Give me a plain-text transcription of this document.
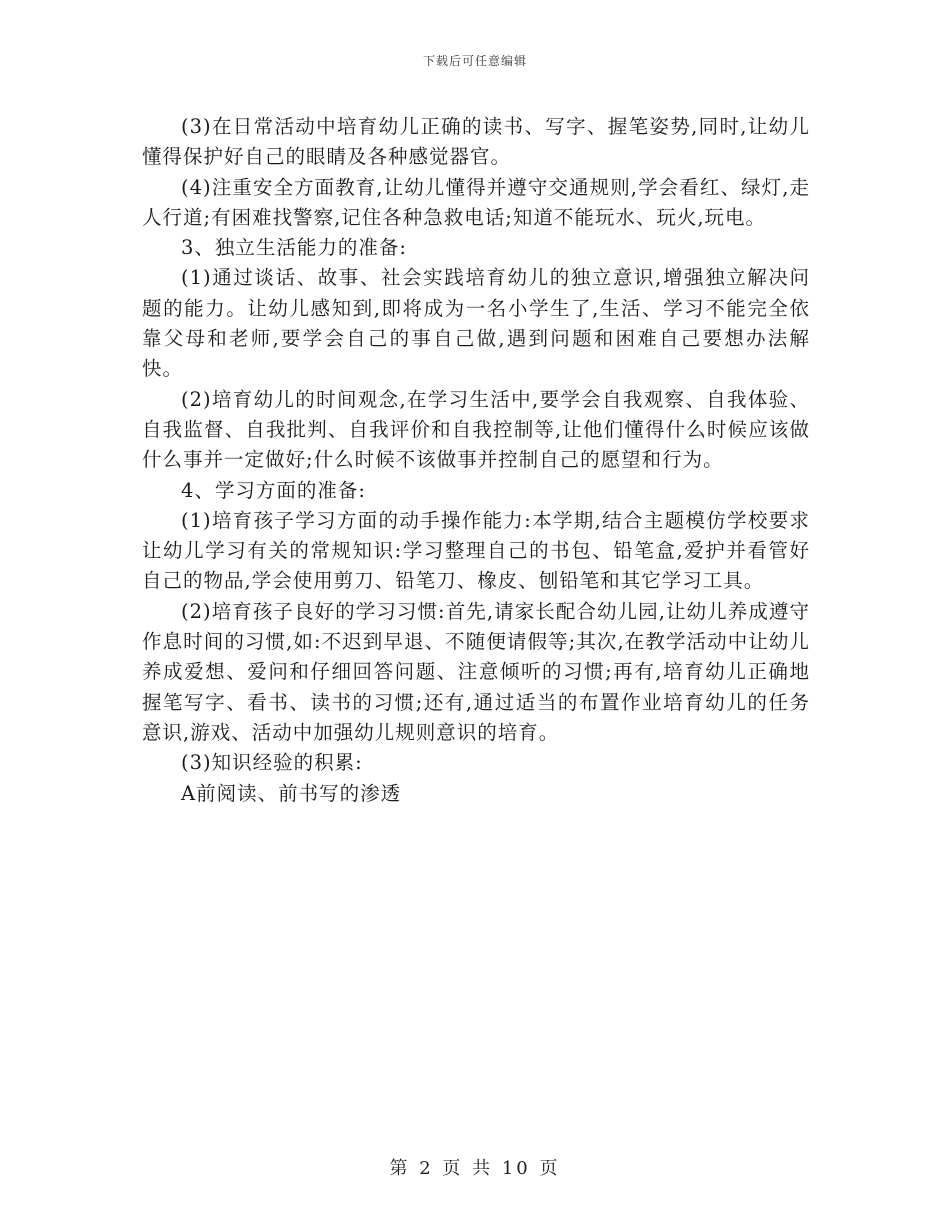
下载后可任意编辑

(3)在日常活动中培育幼儿正确的读书、写字、握笔姿势,同时,让幼儿懂得保护好自己的眼睛及各种感觉器官。

(4)注重安全方面教育,让幼儿懂得并遵守交通规则,学会看红、绿灯,走人行道;有困难找警察,记住各种急救电话;知道不能玩水、玩火,玩电。

3、独立生活能力的准备:

(1)通过谈话、故事、社会实践培育幼儿的独立意识,增强独立解决问题的能力。让幼儿感知到,即将成为一名小学生了,生活、学习不能完全依靠父母和老师,要学会自己的事自己做,遇到问题和困难自己要想办法解快。

(2)培育幼儿的时间观念,在学习生活中,要学会自我观察、自我体验、自我监督、自我批判、自我评价和自我控制等,让他们懂得什么时候应该做什么事并一定做好;什么时候不该做事并控制自己的愿望和行为。

4、学习方面的准备:

(1)培育孩子学习方面的动手操作能力:本学期,结合主题模仿学校要求让幼儿学习有关的常规知识:学习整理自己的书包、铅笔盒,爱护并看管好自己的物品,学会使用剪刀、铅笔刀、橡皮、刨铅笔和其它学习工具。

(2)培育孩子良好的学习习惯:首先,请家长配合幼儿园,让幼儿养成遵守作息时间的习惯,如:不迟到早退、不随便请假等;其次,在教学活动中让幼儿养成爱想、爱问和仔细回答问题、注意倾听的习惯;再有,培育幼儿正确地握笔写字、看书、读书的习惯;还有,通过适当的布置作业培育幼儿的任务意识,游戏、活动中加强幼儿规则意识的培育。

(3)知识经验的积累:

A前阅读、前书写的渗透

第 2 页 共 10 页
